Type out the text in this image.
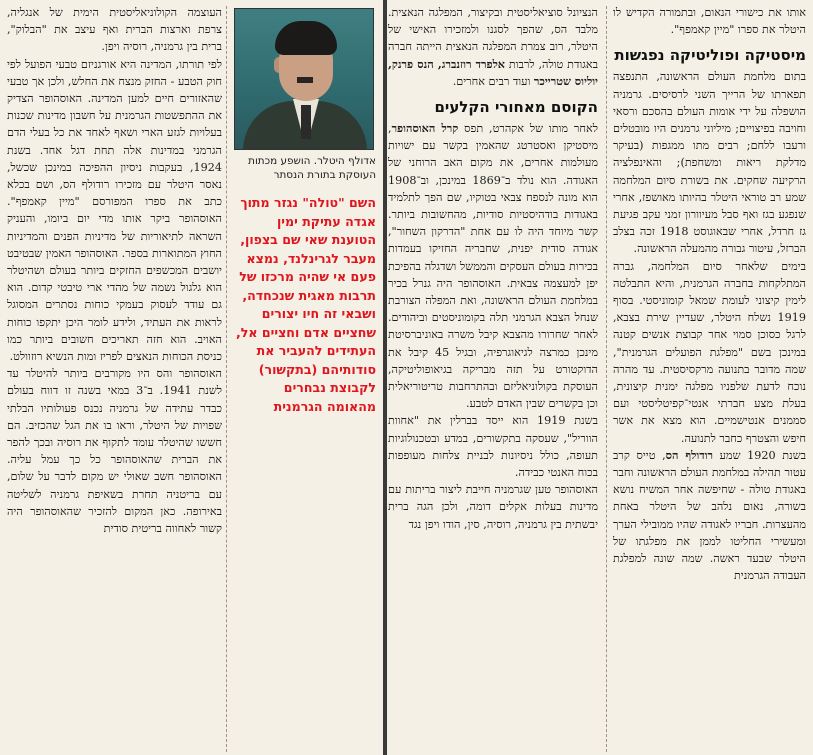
אותו את כישורי הנאום, ובתמורה הקדיש לו היטלר את ספרו "מיין קאמפף".

מיסטיקה ופוליטיקה נפגשות

בתום מלחמת העולם הראשונה, התנפצה תפארתו של הרייך השני לרסיסים. גרמניה הושפלה על ידי אומות העולם בהסכם ורסאי וחויבה בפיצויים; מיליוני גרמנים היו מובטלים ורעבו ללחם; רבים מתו ממגפות (בעיקר מדלקת ריאות ומשחפת); והאינפלציה הרקיעה שחקים. את בשורת סיום המלחמה שמע רב טוראי היטלר בהיותו מאושפז, אחרי שנפגע בגז ואף סבל מעיוורון זמני עקב פגיעת גז חרדל, אחרי שבאוגוסט 1918 זכה בצלב הברזל, עיטור גבורה מהמעלה הראשונה.

בימים שלאחר סיום המלחמה, גברה המתלקחות בחברה הגרמנית, והיא התבלטה לימין קיצוני לעומת שמאל קומוניסטי. בסוף 1919 נשלח היטלר, שעדיין שירת בצבא, לרגל כסוכן סמוי אחר קבוצת אנשים קטנה במינכן בשם "מפלגת הפועלים הגרמנית", שמה מדובר בתנועה מרקסיסטית. עד מהרה נוכח לדעת שלפניו מפלגה ימנית קיצונית, בעלת מצע חברתי אנטי־קפיטליסטי ועם סממנים אנטישמיים. הוא מצא את אשר חיפש והצטרף כחבר לתנועה.

בשנת 1920 שמע רודולף הס, טייס קרב עטור תהילה במלחמת העולם הראשונה וחבר באגודת טולה - שחיפשה אחר המשיח נושא בשורה, נאום נלהב של היטלר באחת מהעצרות. חבריו לאגודה שהיו ממובילי הערך ומעשירי החליטו לממן את מפלגתו של היטלר שבעד ראשה. שמה שונה למפלגת העבודה הגרמנית

הנציונל סוציאליסטית ובקיצור, המפלגה הנאצית. מלבד הס, שהפך לסגנו ולמזכירו האישי של היטלר, רוב צמרת המפלגה הנאצית הייתה חברה באגודת טולה, לרבות אלפרד רוזנברג, הנס פרנק, יוליוס שטרייכר ועוד רבים אחרים.

הקוסם מאחורי הקלעים

לאחר מותו של אקהרט, תפס קרל האוסהופר, מיסטיקן ואסטרטג שהאמין בקשר עם ישויות מעולמות אחרים, את מקום האב הרוחני של האגודה. הוא נולד ב־1869 במינכן, וב־1908 הוא מונה לנספח צבאי בטוקיו, שם הפך לתלמיד באגודות בודהיסטיות סודיות, מהחשובות ביותר. קשר מיוחד היה לו עם אחת "הדרקון השחור", אגודה סודית יפנית, שחבריה החזיקו בעמדות בכירות בעולם העסקים והממשל ושדגלה בהפיכת יפן למעצמה צבאית. האוסהופר היה גנרל בכיר במלחמת העולם הראשונה, ואת המפלה הצורבת שנחל הצבא הגרמני תלה בקומוניסטים וביהודים. לאחר שחרורו מהצבא קיבל משרה באוניברסיטת מינכן כמרצה לגיאוגרפיה, ובגיל 45 קיבל את הדוקטורט על תזה מבריקה בגיאופוליטיקה, העוסקת בקולוניאליזם ובהתרחבות טריטוריאלית וכן בקשרים שבין האדם לטבע.

בשנת 1919 הוא ייסד בברלין את "אחוות הווריל", שעסקה בתקשורים, במדע ובטכנולוגיות תעופה, כולל ניסיונות לבניית צלחות מעופפות בכוח האנטי כבידה.

האוסהופר טען שגרמניה חייבת ליצור בריתות עם מדינות בעלות אקלים דומה, ולכן הגה ברית יבשתית בין גרמניה, רוסיה, סין, הודו ויפן נגד

אדולף היטלר. הושפע מכתות העוסקת בתורת הנסתר
השם "טולה" נגזר מתוך אגדה עתיקת ימין הטוענת שאי שם בצפון, מעבר לגרינלנד, נמצא פעם אי שהיה מרכזו של תרבות מאגית שנכחדה, ושבאי זה חיו יצורים שחציים אדם וחציים אל, העתידים להעביר את סודותיהם (בתקשור) לקבוצת נבחרים מהאומה הגרמנית

העוצמה הקולוניאליסטית הימית של אנגליה, צרפת וארצות הברית ואף עיצב את "הבלוק", ברית בין גרמניה, רוסיה ויפן.

לפי תורתו, המדינה היא אורגניזם טבעי הפועל לפי חוק הטבע - החזק מנצח את החלש, ולכן אך טבעי שהאזורים חיים למען המדינה. האוסהופר הצדיק את ההתפשטות הגרמנית על חשבון מדינות שכנות בעלויות לגזע הארי ושאף לאחד את כל בעלי הדם הגרמני במדינות אלה תחת דגל אחד. בשנת 1924, בעקבות ניסיון ההפיכה במינכן שכשל, נאסר היטלר עם מזכירו רודולף הס, ושם בכלא כתב את ספרו המפורסם "מיין קאמפף". האוסהופר ביקר אותו מדי יום ביומו, והעניק השראה לתיאוריות של מדיניות הפנים והמדיניות החוץ המתוארות בספר. האוסהופר האמין שבטיבט יושבים המכשפים החזקים ביותר בעולם ושהיטלר הוא גלגול נשמה של מהדי ארי טיבטי קדום. הוא גם עודד לעסוק בעמקי כוחות נסתרים המסוגל לראות את העתיד, ולידע לומר היכן יתקפו כוחות האויב. הוא חזה תאריכים חשובים ביותר כמו כניסת הכוחות הנאצים לפריז ומות הנשיא רוזוולט.

האוסהופר והס היו מקורבים ביותר להיטלר עד לשנת 1941. ב־3 במאי בשנה זו דווח בעולם כבדר עתידה של גרמניה נכנס פעולותיו הבלתי שפויות של היטלר, וראו בו את הגל שהכזיב. הם חששו שהיטלר עומד לתקוף את רוסיה ובכך להפר את הברית שהאוסהופר כל כך עמל עליה. האוסהופר חשב שאולי יש מקום לדבר על שלום, עם בריטניה תחרת בשאיפת גרמניה לשליטה באירופה. כאן המקום להזכיר שהאוסהופר היה קשור לאחווה בריטית סודית
